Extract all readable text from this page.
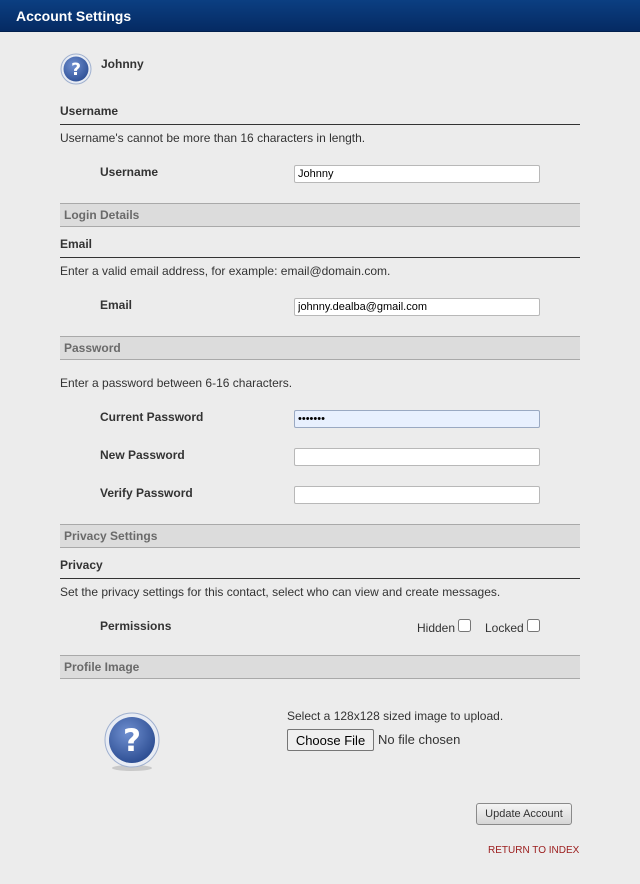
Account Settings
? Johnny
Username
Username's cannot be more than 16 characters in length.
Username
Johnny
Login Details
Email
Enter a valid email address, for example: email@domain.com.
Email
johnny.dealba@gmail.com
Password
Enter a password between 6-16 characters.
Current Password
•••••••
New Password
Verify Password
Privacy Settings
Privacy
Set the privacy settings for this contact, select who can view and create messages.
Permissions	Hidden Locked
Profile Image
?
Select a 128x128 sized image to upload.
Choose File No file chosen
Update Account
RETURN TO INDEX
